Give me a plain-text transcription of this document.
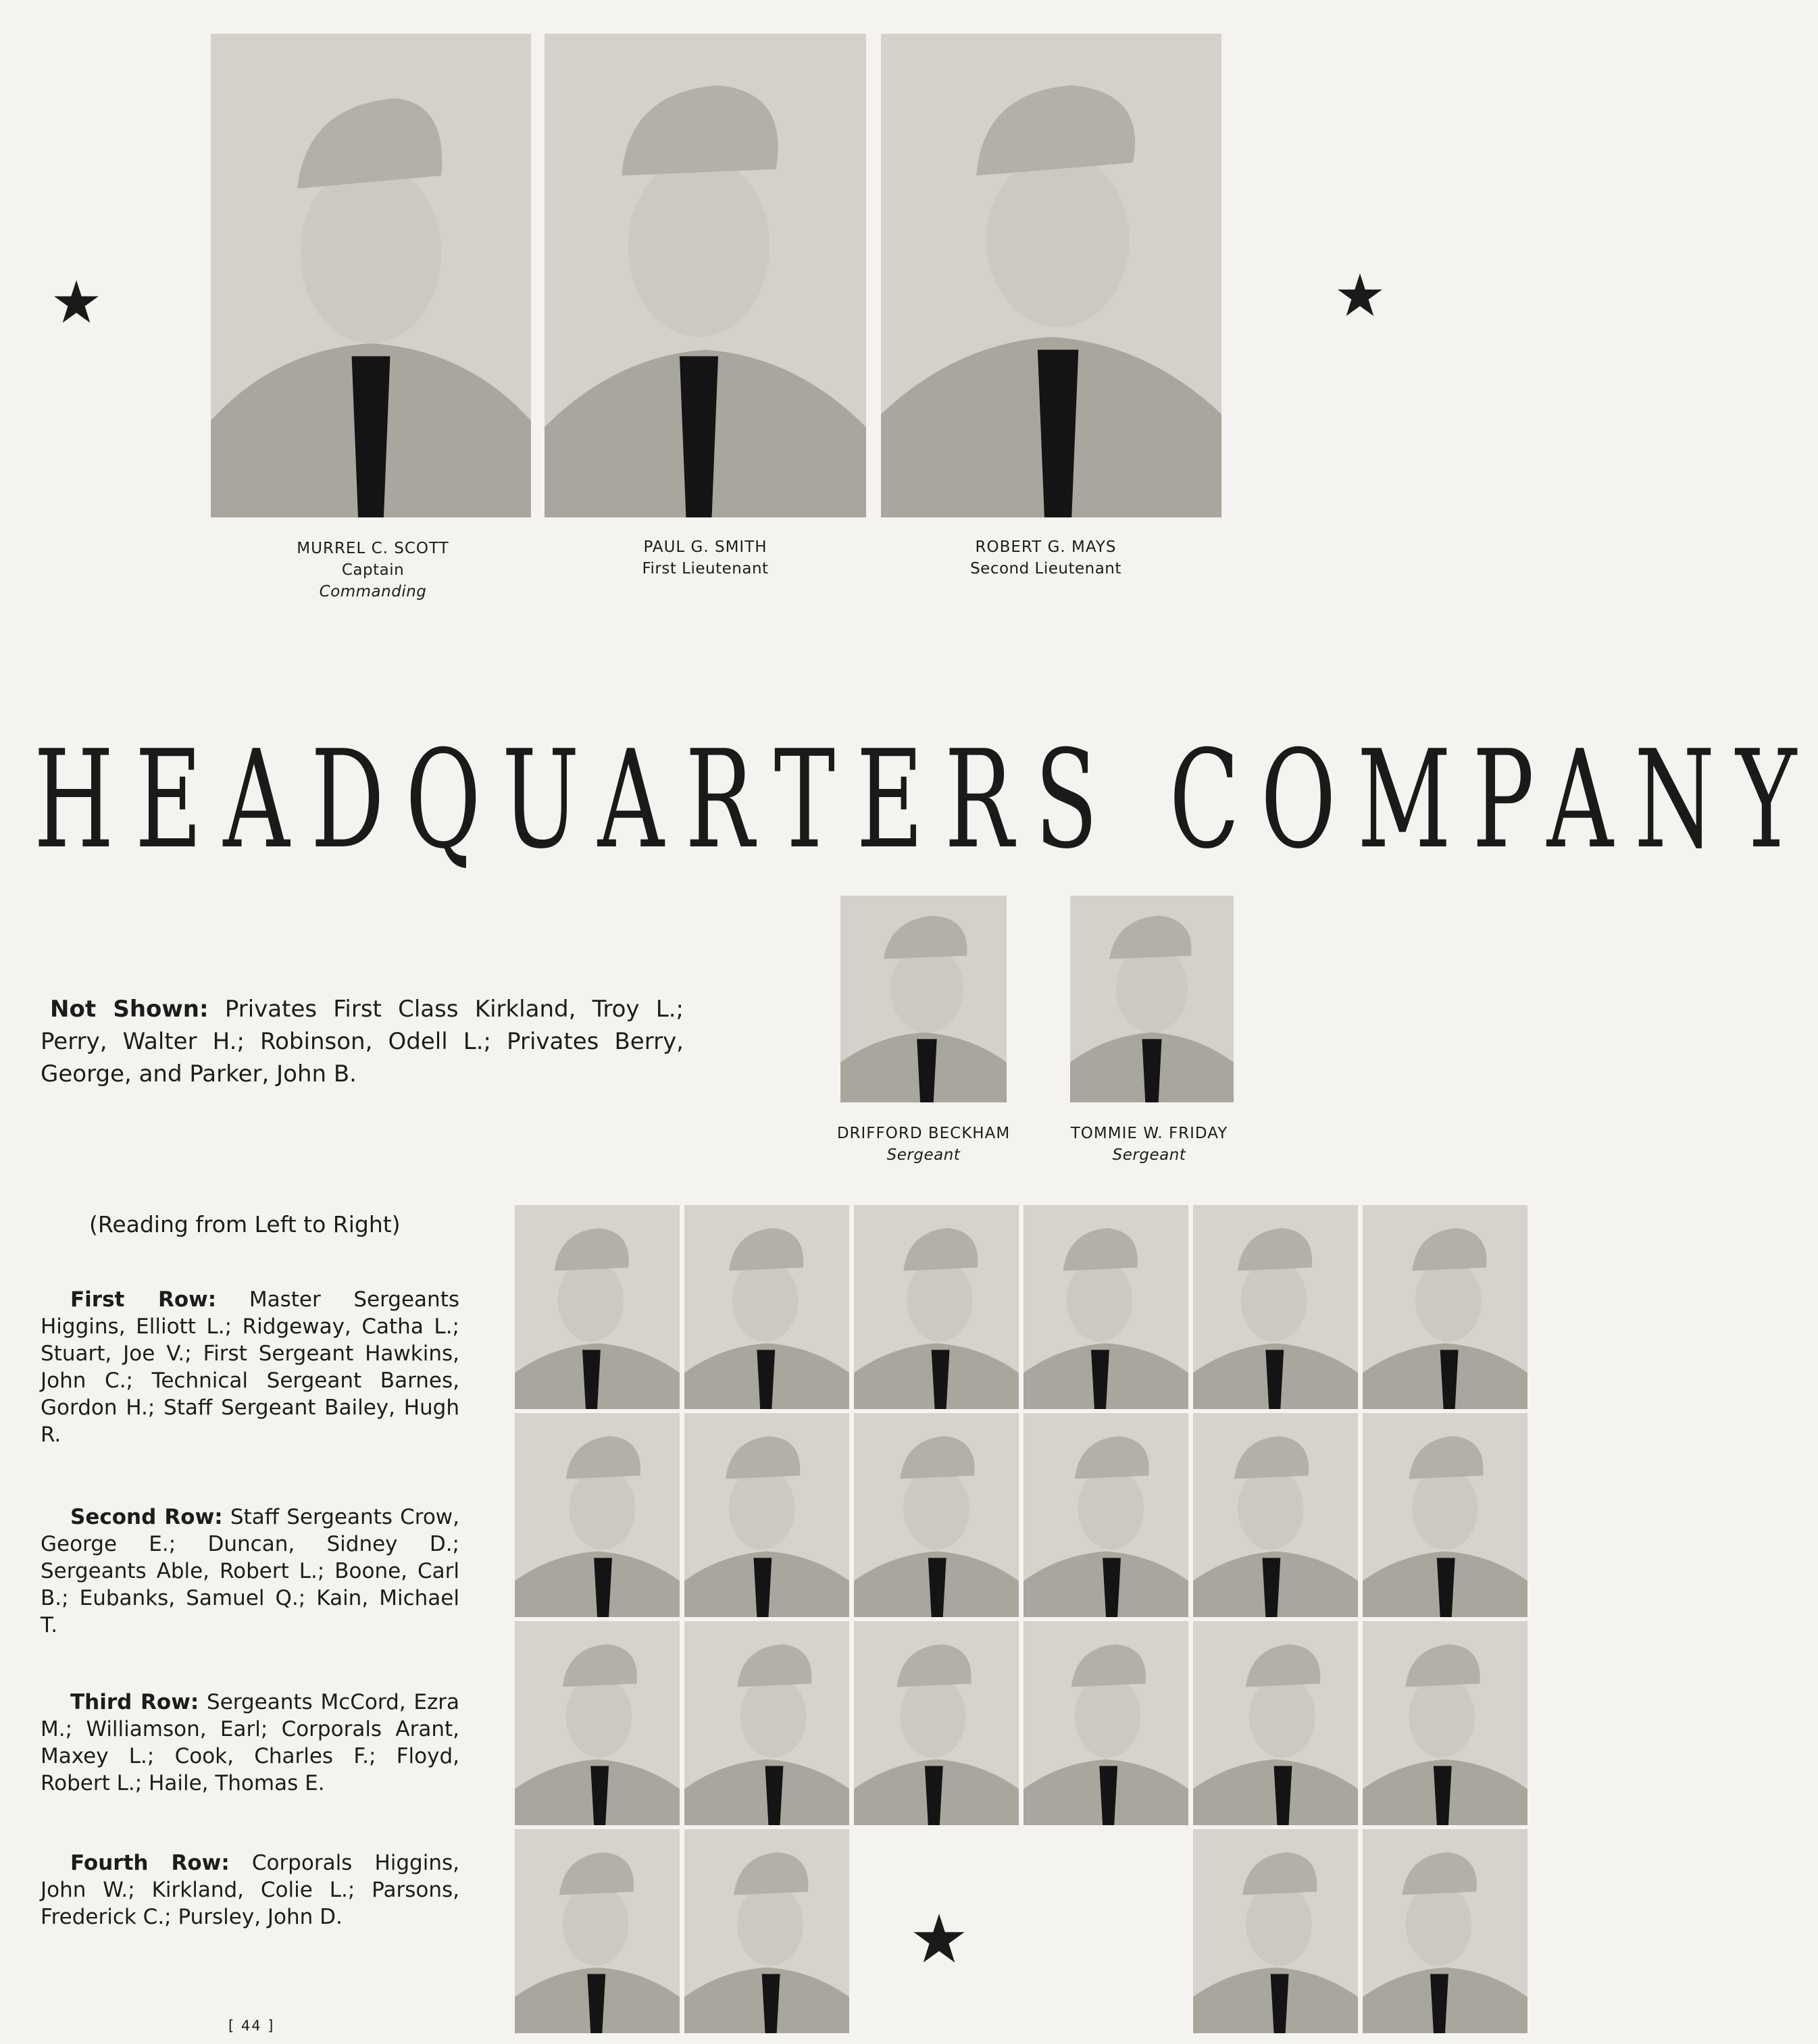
MURREL C. SCOTT
Captain
Commanding
PAUL G. SMITH
First Lieutenant
ROBERT G. MAYS
Second Lieutenant
HEADQUARTERS COMPANY
Not Shown: Privates First Class Kirkland, Troy L.; Perry, Walter H.; Robinson, Odell L.; Privates Berry, George, and Parker, John B.
DRIFFORD BECKHAM
Sergeant
TOMMIE W. FRIDAY
Sergeant
(Reading from Left to Right)
First Row: Master Sergeants Higgins, Elliott L.; Ridgeway, Catha L.; Stuart, Joe V.; First Sergeant Hawkins, John C.; Technical Sergeant Barnes, Gordon H.; Staff Sergeant Bailey, Hugh R.
Second Row: Staff Sergeants Crow, George E.; Duncan, Sidney D.; Sergeants Able, Robert L.; Boone, Carl B.; Eubanks, Samuel Q.; Kain, Michael T.
Third Row: Sergeants McCord, Ezra M.; Williamson, Earl; Corporals Arant, Maxey L.; Cook, Charles F.; Floyd, Robert L.; Haile, Thomas E.
Fourth Row: Corporals Higgins, John W.; Kirkland, Colie L.; Parsons, Frederick C.; Pursley, John D.
[ 44 ]
